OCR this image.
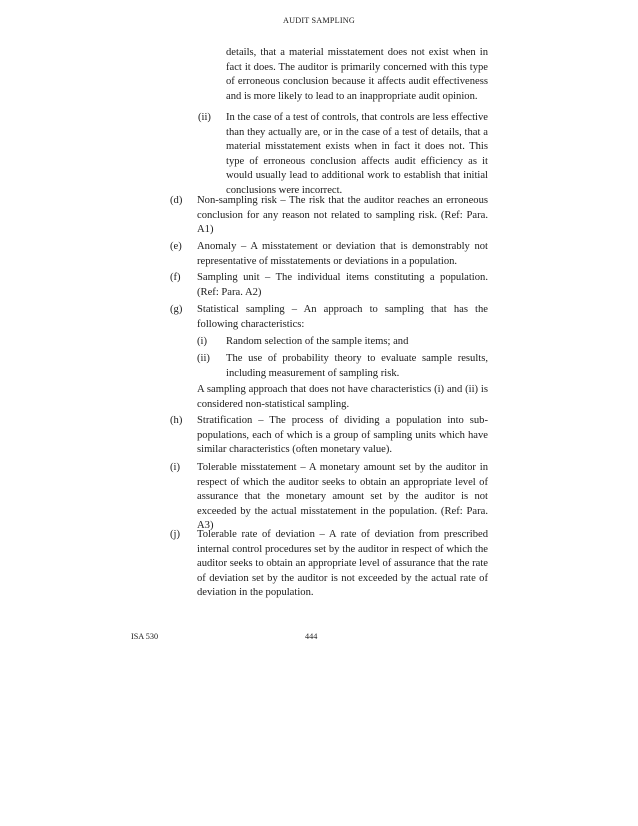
AUDIT SAMPLING

details, that a material misstatement does not exist when in fact it does. The auditor is primarily concerned with this type of erroneous conclusion because it affects audit effectiveness and is more likely to lead to an inappropriate audit opinion.

(ii) In the case of a test of controls, that controls are less effective than they actually are, or in the case of a test of details, that a material misstatement exists when in fact it does not. This type of erroneous conclusion affects audit efficiency as it would usually lead to additional work to establish that initial conclusions were incorrect.

(d) Non-sampling risk – The risk that the auditor reaches an erroneous conclusion for any reason not related to sampling risk. (Ref: Para. A1)

(e) Anomaly – A misstatement or deviation that is demonstrably not representative of misstatements or deviations in a population.

(f) Sampling unit – The individual items constituting a population. (Ref: Para. A2)

(g) Statistical sampling – An approach to sampling that has the following characteristics:

(i) Random selection of the sample items; and

(ii) The use of probability theory to evaluate sample results, including measurement of sampling risk.

A sampling approach that does not have characteristics (i) and (ii) is considered non-statistical sampling.

(h) Stratification – The process of dividing a population into sub-populations, each of which is a group of sampling units which have similar characteristics (often monetary value).

(i) Tolerable misstatement – A monetary amount set by the auditor in respect of which the auditor seeks to obtain an appropriate level of assurance that the monetary amount set by the auditor is not exceeded by the actual misstatement in the population. (Ref: Para. A3)

(j) Tolerable rate of deviation – A rate of deviation from prescribed internal control procedures set by the auditor in respect of which the auditor seeks to obtain an appropriate level of assurance that the rate of deviation set by the auditor is not exceeded by the actual rate of deviation in the population.

ISA 530	444
